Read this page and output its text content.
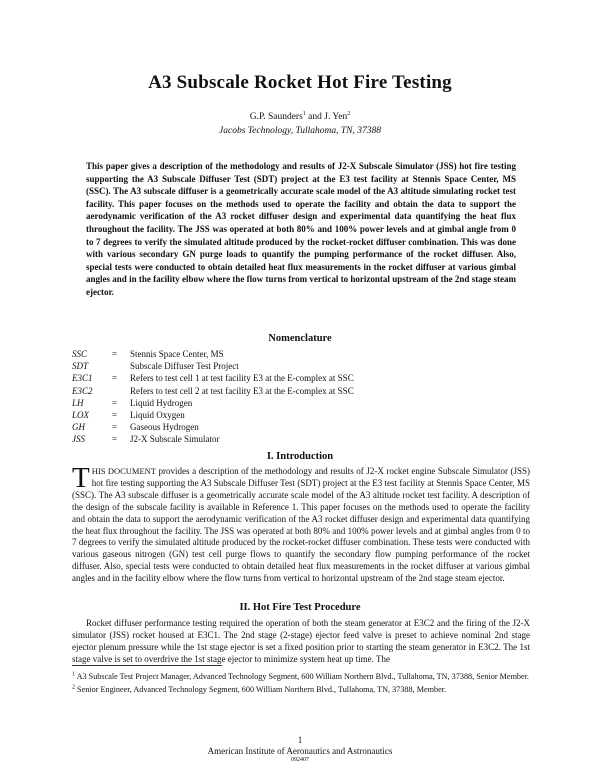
A3 Subscale Rocket Hot Fire Testing
G.P. Saunders$^1$ and J. Yen$^2$
Jacobs Technology, Tullahoma, TN, 37388
This paper gives a description of the methodology and results of J2-X Subscale Simulator (JSS) hot fire testing supporting the A3 Subscale Diffuser Test (SDT) project at the E3 test facility at Stennis Space Center, MS (SSC). The A3 subscale diffuser is a geometrically accurate scale model of the A3 altitude simulating rocket test facility. This paper focuses on the methods used to operate the facility and obtain the data to support the aerodynamic verification of the A3 rocket diffuser design and experimental data quantifying the heat flux throughout the facility. The JSS was operated at both 80% and 100% power levels and at gimbal angle from 0 to 7 degrees to verify the simulated altitude produced by the rocket-rocket diffuser combination. This was done with various secondary GN purge loads to quantify the pumping performance of the rocket diffuser. Also, special tests were conducted to obtain detailed heat flux measurements in the rocket diffuser at various gimbal angles and in the facility elbow where the flow turns from vertical to horizontal upstream of the 2nd stage steam ejector.
Nomenclature
SSC	=	Stennis Space Center, MS
SDT	Subscale Diffuser Test Project
E3C1	=	Refers to test cell 1 at test facility E3 at the E-complex at SSC
E3C2	Refers to test cell 2 at test facility E3 at the E-complex at SSC
LH	=	Liquid Hydrogen
LOX	=	Liquid Oxygen
GH	=	Gaseous Hydrogen
JSS	=	J2-X Subscale Simulator
I. Introduction
THIS DOCUMENT provides a description of the methodology and results of J2-X rocket engine Subscale Simulator (JSS) hot fire testing supporting the A3 Subscale Diffuser Test (SDT) project at the E3 test facility at Stennis Space Center, MS (SSC). The A3 subscale diffuser is a geometrically accurate scale model of the A3 altitude rocket test facility. A description of the design of the subscale facility is available in Reference 1. This paper focuses on the methods used to operate the facility and obtain the data to support the aerodynamic verification of the A3 rocket diffuser design and experimental data quantifying the heat flux throughout the facility. The JSS was operated at both 80% and 100% power levels and at gimbal angles from 0 to 7 degrees to verify the simulated altitude produced by the rocket-rocket diffuser combination. These tests were conducted with various gaseous nitrogen (GN) test cell purge flows to quantify the secondary flow pumping performance of the rocket diffuser. Also, special tests were conducted to obtain detailed heat flux measurements in the rocket diffuser at various gimbal angles and in the facility elbow where the flow turns from vertical to horizontal upstream of the 2nd stage steam ejector.
II. Hot Fire Test Procedure
Rocket diffuser performance testing required the operation of both the steam generator at E3C2 and the firing of the J2-X simulator (JSS) rocket housed at E3C1. The 2nd stage (2-stage) ejector feed valve is preset to achieve nominal 2nd stage ejector plenum pressure while the 1st stage ejector is set a fixed position prior to starting the steam generator in E3C2. The 1st stage valve is set to overdrive the 1st stage ejector to minimize system heat up time. The
$^1$ A3 Subscale Test Project Manager, Advanced Technology Segment, 600 William Northern Blvd., Tullahoma, TN, 37388, Senior Member.
$^2$ Senior Engineer, Advanced Technology Segment, 600 William Northern Blvd., Tullahoma, TN, 37388, Member.
1
American Institute of Aeronautics and Astronautics
092407
